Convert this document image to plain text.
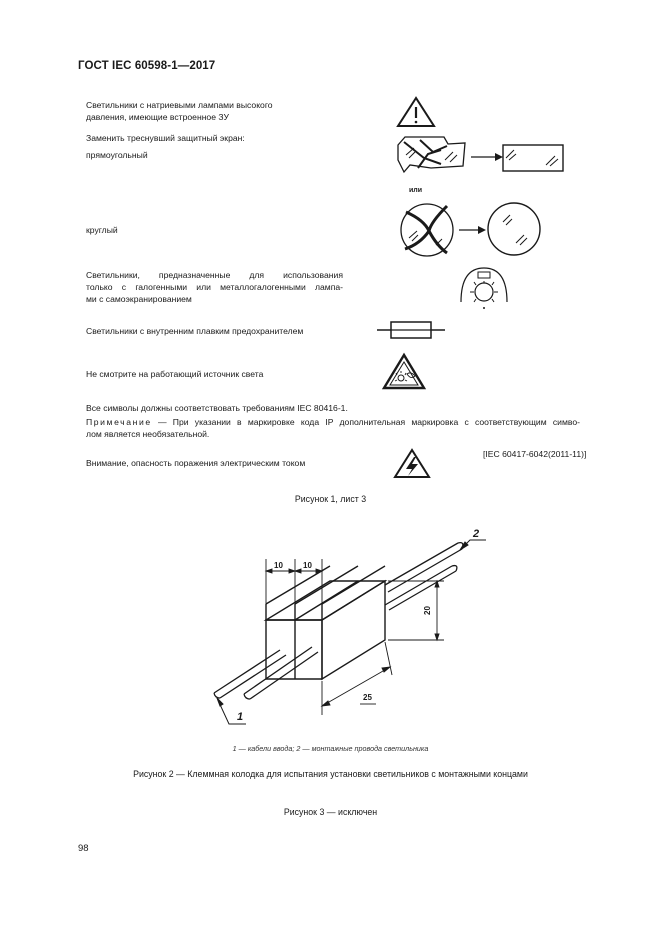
ГОСТ IEC 60598-1—2017
Светильники с натриевыми лампами высокого
давления, имеющие встроенное ЗУ
Заменить треснувший защитный экран:
прямоугольный
или
круглый
Светильники, предназначенные для использования
только с галогенными или металлогалогенными лампа-
ми с самоэкранированием
Светильники с внутренним плавким предохранителем
Не смотрите на работающий источник света
Все символы должны соответствовать требованиям IEC 80416-1.
Примечание — При указании в маркировке кода IP дополнительная маркировка с соответствующим симво-
лом является необязательной.
[IEC 60417-6042(2011-11)]
Внимание, опасность поражения электрическим током
Рисунок 1, лист 3
10	10
20
25
1
2
1 — кабели ввода; 2 — монтажные провода светильника
Рисунок 2 — Клеммная колодка для испытания установки светильников с монтажными концами
Рисунок 3 — исключен
98
